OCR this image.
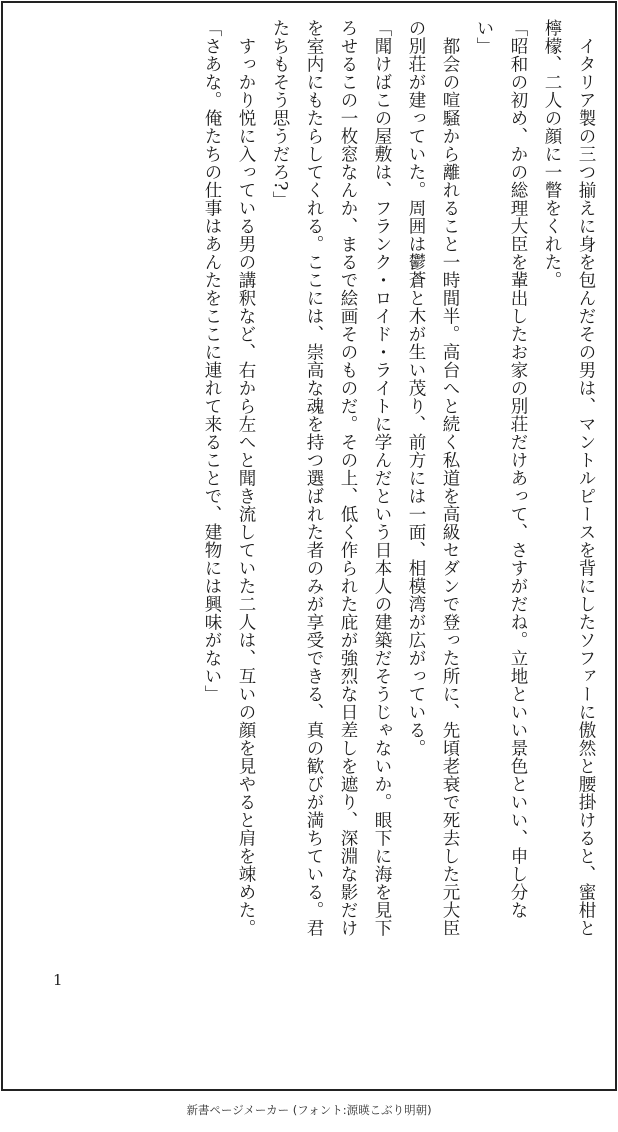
イタリア製の三つ揃えに身を包んだその男は、マントルピースを背にしたソファーに傲然と腰掛けると、蜜柑と檸檬、二人の顔に一瞥をくれた。

「昭和の初め、かの総理大臣を輩出したお家の別荘だけあって、さすがだね。立地といい景色といい、申し分ない」

都会の喧騒から離れること一時間半。高台へと続く私道を高級セダンで登った所に、先頃老衰で死去した元大臣の別荘が建っていた。周囲は鬱蒼と木が生い茂り、前方には一面、相模湾が広がっている。

「聞けばこの屋敷は、フランク・ロイド・ライトに学んだという日本人の建築だそうじゃないか。眼下に海を見下ろせるこの一枚窓なんか、まるで絵画そのものだ。その上、低く作られた庇が強烈な日差しを遮り、深淵な影だけを室内にもたらしてくれる。ここには、崇高な魂を持つ選ばれた者のみが享受できる、真の歓びが満ちている。君たちもそう思うだろ?」

すっかり悦に入っている男の講釈など、右から左へと聞き流していた二人は、互いの顔を見やると肩を竦めた。

「さあな。俺たちの仕事はあんたをここに連れて来ることで、建物には興味がない」

1
新書ページメーカー (フォント:源暎こぶり明朝)
